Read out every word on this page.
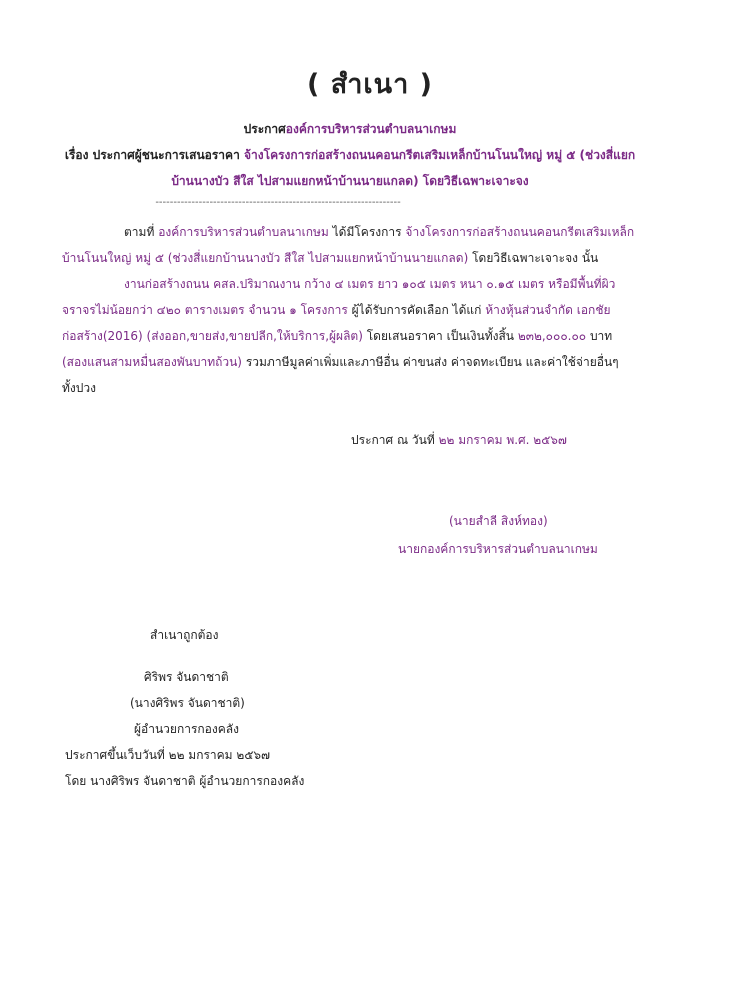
( สำเนา )
ประกาศองค์การบริหารส่วนตำบลนาเกษม
เรื่อง ประกาศผู้ชนะการเสนอราคา จ้างโครงการก่อสร้างถนนคอนกรีตเสริมเหล็กบ้านโนนใหญ่ หมู่ ๕ (ช่วงสี่แยก
บ้านนางบัว สีใส ไปสามแยกหน้าบ้านนายแกลด) โดยวิธีเฉพาะเจาะจง
--------------------------------------------------------------------
ตามที่ องค์การบริหารส่วนตำบลนาเกษม ได้มีโครงการ จ้างโครงการก่อสร้างถนนคอนกรีตเสริมเหล็ก
บ้านโนนใหญ่ หมู่ ๕ (ช่วงสี่แยกบ้านนางบัว สีใส ไปสามแยกหน้าบ้านนายแกลด) โดยวิธีเฉพาะเจาะจง นั้น
งานก่อสร้างถนน คสล.ปริมาณงาน กว้าง ๔ เมตร ยาว ๑๐๕ เมตร หนา ๐.๑๕ เมตร หรือมีพื้นที่ผิว
จราจรไม่น้อยกว่า ๔๒๐ ตารางเมตร จำนวน ๑ โครงการ ผู้ได้รับการคัดเลือก ได้แก่ ห้างหุ้นส่วนจำกัด เอกชัย
ก่อสร้าง(2016) (ส่งออก,ขายส่ง,ขายปลีก,ให้บริการ,ผู้ผลิต) โดยเสนอราคา เป็นเงินทั้งสิ้น ๒๓๒,๐๐๐.๐๐ บาท
(สองแสนสามหมื่นสองพันบาทถ้วน) รวมภาษีมูลค่าเพิ่มและภาษีอื่น ค่าขนส่ง ค่าจดทะเบียน และค่าใช้จ่ายอื่นๆ
ทั้งปวง
ประกาศ ณ วันที่ ๒๒ มกราคม พ.ศ. ๒๕๖๗
(นายสำลี สิงห์ทอง)
นายกองค์การบริหารส่วนตำบลนาเกษม
สำเนาถูกต้อง
ศิริพร จันดาชาติ
(นางศิริพร จันดาชาติ)
ผู้อำนวยการกองคลัง
ประกาศขึ้นเว็บวันที่ ๒๒ มกราคม ๒๕๖๗
โดย นางศิริพร จันดาชาติ ผู้อำนวยการกองคลัง
